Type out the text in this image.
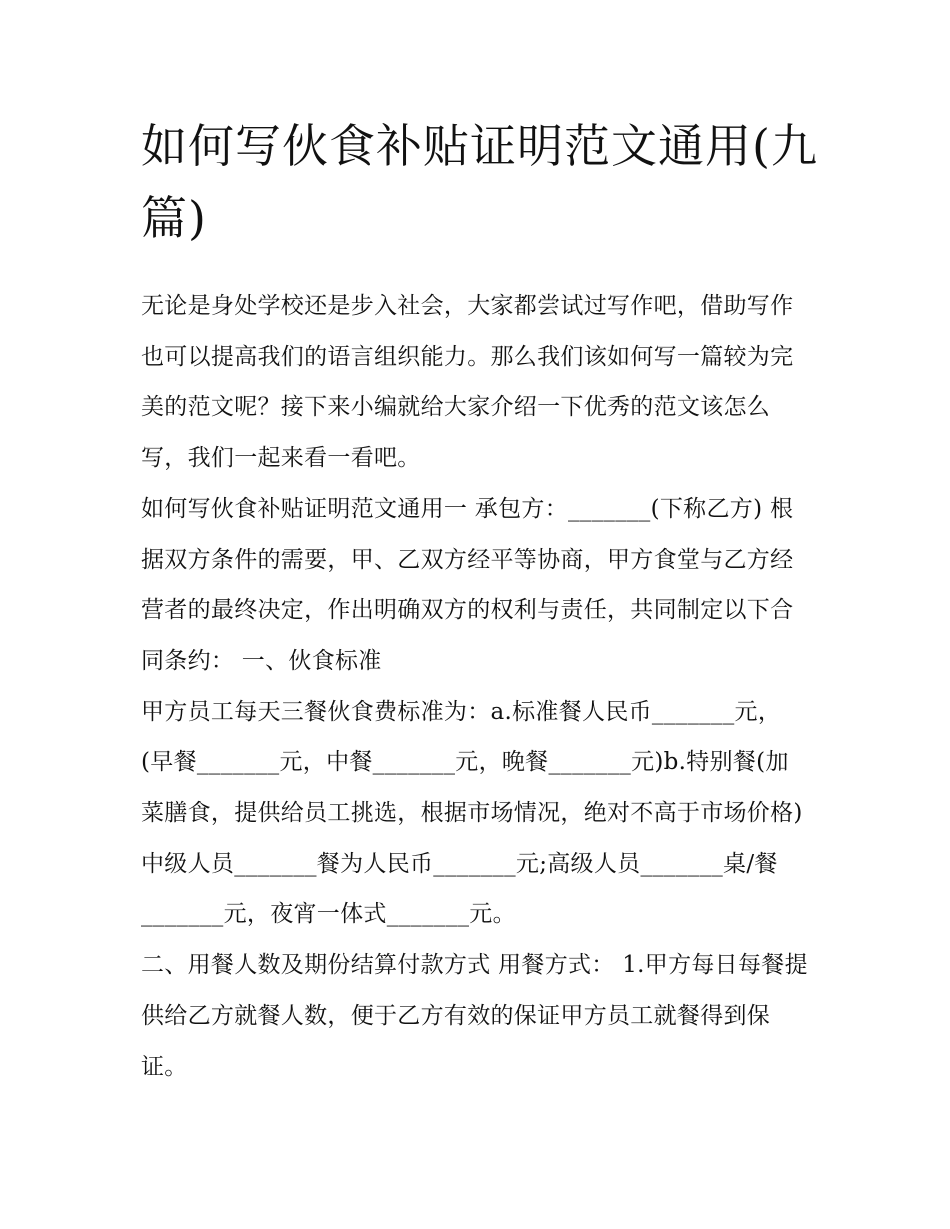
如何写伙食补贴证明范文通用(九篇)

无论是身处学校还是步入社会，大家都尝试过写作吧，借助写作也可以提高我们的语言组织能力。那么我们该如何写一篇较为完美的范文呢？接下来小编就给大家介绍一下优秀的范文该怎么写，我们一起来看一看吧。

如何写伙食补贴证明范文通用一 承包方：_______(下称乙方) 根据双方条件的需要，甲、乙双方经平等协商，甲方食堂与乙方经营者的最终决定，作出明确双方的权利与责任，共同制定以下合同条约： 一、伙食标准

甲方员工每天三餐伙食费标准为：a.标准餐人民币_______元，(早餐_______元，中餐_______元，晚餐_______元)b.特别餐(加菜膳食，提供给员工挑选，根据市场情况，绝对不高于市场价格)中级人员_______餐为人民币_______元;高级人员_______桌/餐_______元，夜宵一体式_______元。

二、用餐人数及期份结算付款方式 用餐方式： 1.甲方每日每餐提供给乙方就餐人数，便于乙方有效的保证甲方员工就餐得到保证。
